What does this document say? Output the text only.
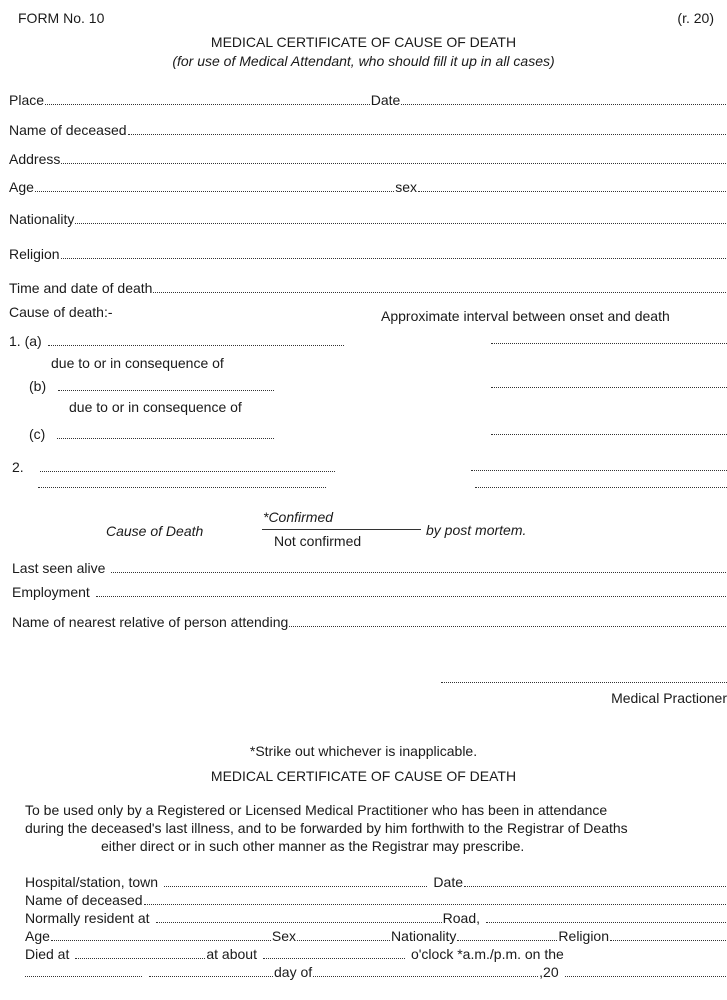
FORM No. 10	(r. 20)
MEDICAL CERTIFICATE OF CAUSE OF DEATH
(for use of Medical Attendant, who should fill it up in all cases)
Place	Date
Name of deceased
Address
Age	sex
Nationality
Religion
Time and date of death
Cause of death:-	Approximate interval between onset and death
1. (a)
due to or in consequence of
(b)
due to or in consequence of
(c)
2.
Cause of Death
*Confirmed
Not confirmed
by post mortem.
Last seen alive
Employment
Name of nearest relative of person attending
Medical Practioner
*Strike out whichever is inapplicable.
MEDICAL CERTIFICATE OF CAUSE OF DEATH
To be used only by a Registered or Licensed Medical Practitioner who has been in attendance
during the deceased's last illness, and to be forwarded by him forthwith to the Registrar of Deaths
either direct or in such other manner as the Registrar may prescribe.
Hospital/station, town	Date
Name of deceased
Normally resident at	Road,
Age	Sex	Nationality	Religion
Died at	at about	o'clock *a.m./p.m. on the
day of	,20
